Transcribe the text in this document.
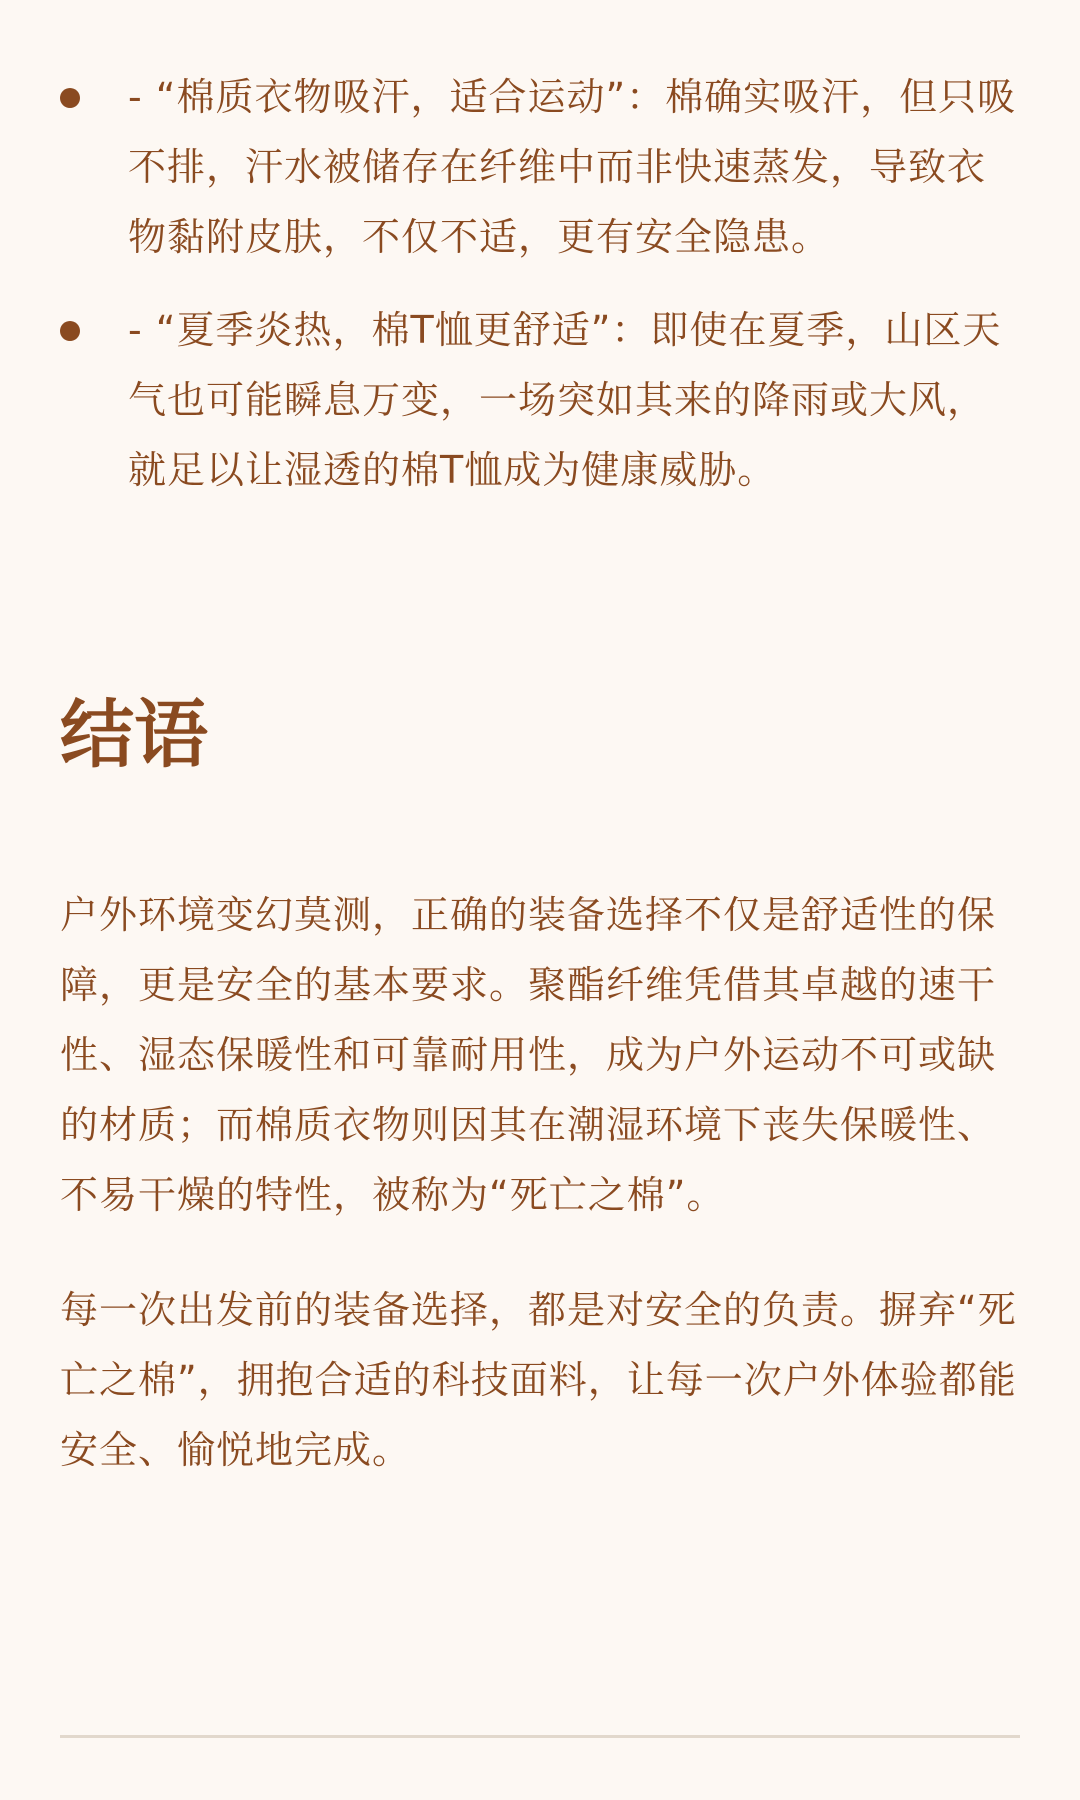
- “棉质衣物吸汗，适合运动”：棉确实吸汗，但只吸不排，汗水被储存在纤维中而非快速蒸发，导致衣物黏附皮肤，不仅不适，更有安全隐患。
- “夏季炎热，棉T恤更舒适”：即使在夏季，山区天气也可能瞬息万变，一场突如其来的降雨或大风，就足以让湿透的棉T恤成为健康威胁。
结语

户外环境变幻莫测，正确的装备选择不仅是舒适性的保障，更是安全的基本要求。聚酯纤维凭借其卓越的速干性、湿态保暖性和可靠耐用性，成为户外运动不可或缺的材质；而棉质衣物则因其在潮湿环境下丧失保暖性、不易干燥的特性，被称为“死亡之棉”。

每一次出发前的装备选择，都是对安全的负责。摒弃“死亡之棉”，拥抱合适的科技面料，让每一次户外体验都能安全、愉悦地完成。
